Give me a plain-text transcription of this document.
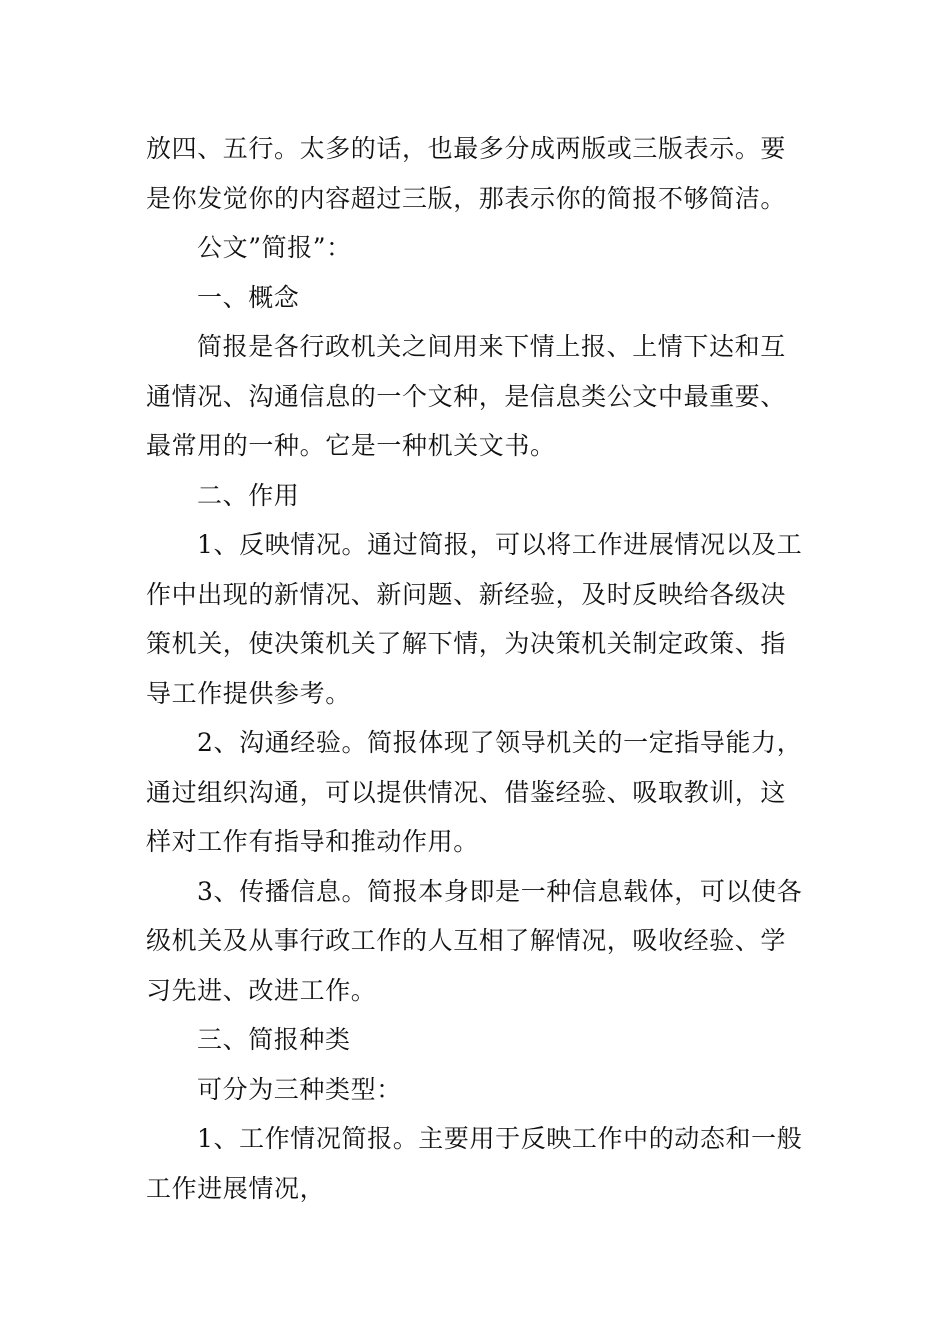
放四、五行。太多的话，也最多分成两版或三版表示。要
是你发觉你的内容超过三版，那表示你的简报不够简洁。
公文”简报”：
一、概念
简报是各行政机关之间用来下情上报、上情下达和互
通情况、沟通信息的一个文种，是信息类公文中最重要、
最常用的一种。它是一种机关文书。
二、作用
1、反映情况。通过简报，可以将工作进展情况以及工
作中出现的新情况、新问题、新经验，及时反映给各级决
策机关，使决策机关了解下情，为决策机关制定政策、指
导工作提供参考。
2、沟通经验。简报体现了领导机关的一定指导能力，
通过组织沟通，可以提供情况、借鉴经验、吸取教训，这
样对工作有指导和推动作用。
3、传播信息。简报本身即是一种信息载体，可以使各
级机关及从事行政工作的人互相了解情况，吸收经验、学
习先进、改进工作。
三、简报种类
可分为三种类型：
1、工作情况简报。主要用于反映工作中的动态和一般
工作进展情况，
